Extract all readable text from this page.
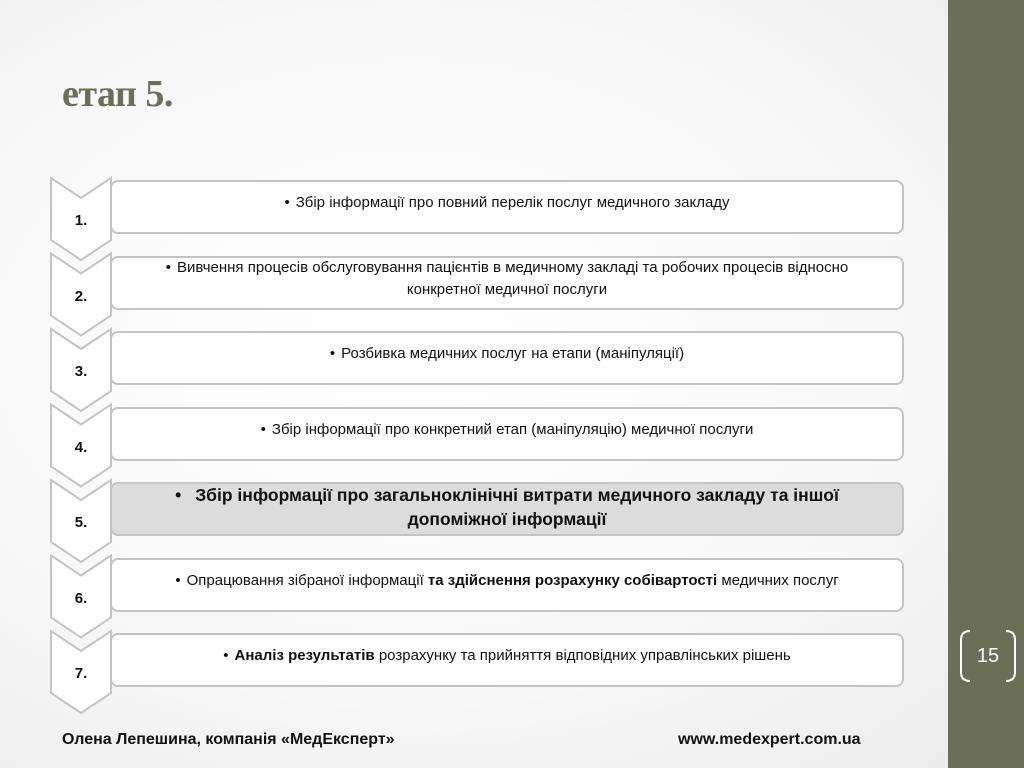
15
етап 5.
1.
• Збір інформації про повний перелік послуг медичного закладу
2.
• Вивчення процесів обслуговування пацієнтів в медичному закладі та робочих процесів відносно конкретної медичної послуги
3.
• Розбивка медичних послуг на етапи (маніпуляції)
4.
• Збір інформації про конкретний етап (маніпуляцію) медичної послуги
5.
• Збір інформації про загальноклінічні витрати медичного закладу та іншої допоміжної інформації
6.
• Опрацювання зібраної інформації та здійснення розрахунку собівартості медичних послуг
7.
• Аналіз результатів розрахунку та прийняття відповідних управлінських рішень
Олена Лепешина, компанія «МедЕксперт»	www.medexpert.com.ua
